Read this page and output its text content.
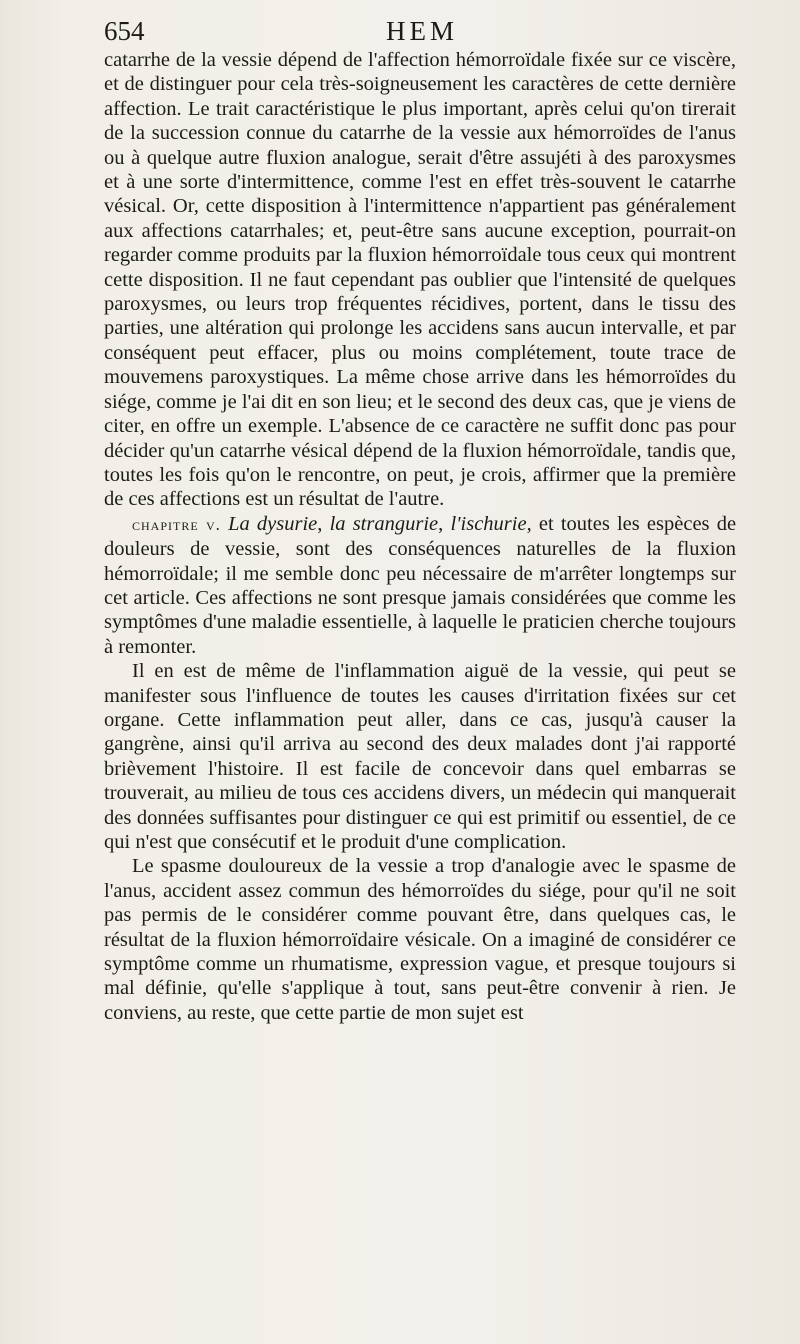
654	HEM

catarrhe de la vessie dépend de l'affection hémorroïdale fixée sur ce viscère, et de distinguer pour cela très-soigneusement les caractères de cette dernière affection. Le trait caractéristique le plus important, après celui qu'on tirerait de la succession connue du catarrhe de la vessie aux hémorroïdes de l'anus ou à quelque autre fluxion analogue, serait d'être assujéti à des paroxysmes et à une sorte d'intermittence, comme l'est en effet très-souvent le catarrhe vésical. Or, cette disposition à l'intermittence n'appartient pas généralement aux affections catarrhales; et, peut-être sans aucune exception, pourrait-on regarder comme produits par la fluxion hémorroïdale tous ceux qui montrent cette disposition. Il ne faut cependant pas oublier que l'intensité de quelques paroxysmes, ou leurs trop fréquentes récidives, portent, dans le tissu des parties, une altération qui prolonge les accidens sans aucun intervalle, et par conséquent peut effacer, plus ou moins complétement, toute trace de mouvemens paroxystiques. La même chose arrive dans les hémorroïdes du siége, comme je l'ai dit en son lieu; et le second des deux cas, que je viens de citer, en offre un exemple. L'absence de ce caractère ne suffit donc pas pour décider qu'un catarrhe vésical dépend de la fluxion hémorroïdale, tandis que, toutes les fois qu'on le rencontre, on peut, je crois, affirmer que la première de ces affections est un résultat de l'autre.

chapitre v. La dysurie, la strangurie, l'ischurie, et toutes les espèces de douleurs de vessie, sont des conséquences naturelles de la fluxion hémorroïdale; il me semble donc peu nécessaire de m'arrêter longtemps sur cet article. Ces affections ne sont presque jamais considérées que comme les symptômes d'une maladie essentielle, à laquelle le praticien cherche toujours à remonter.

Il en est de même de l'inflammation aiguë de la vessie, qui peut se manifester sous l'influence de toutes les causes d'irritation fixées sur cet organe. Cette inflammation peut aller, dans ce cas, jusqu'à causer la gangrène, ainsi qu'il arriva au second des deux malades dont j'ai rapporté brièvement l'histoire. Il est facile de concevoir dans quel embarras se trouverait, au milieu de tous ces accidens divers, un médecin qui manquerait des données suffisantes pour distinguer ce qui est primitif ou essentiel, de ce qui n'est que consécutif et le produit d'une complication.

Le spasme douloureux de la vessie a trop d'analogie avec le spasme de l'anus, accident assez commun des hémorroïdes du siége, pour qu'il ne soit pas permis de le considérer comme pouvant être, dans quelques cas, le résultat de la fluxion hémorroïdaire vésicale. On a imaginé de considérer ce symptôme comme un rhumatisme, expression vague, et presque toujours si mal définie, qu'elle s'applique à tout, sans peut-être convenir à rien. Je conviens, au reste, que cette partie de mon sujet est
